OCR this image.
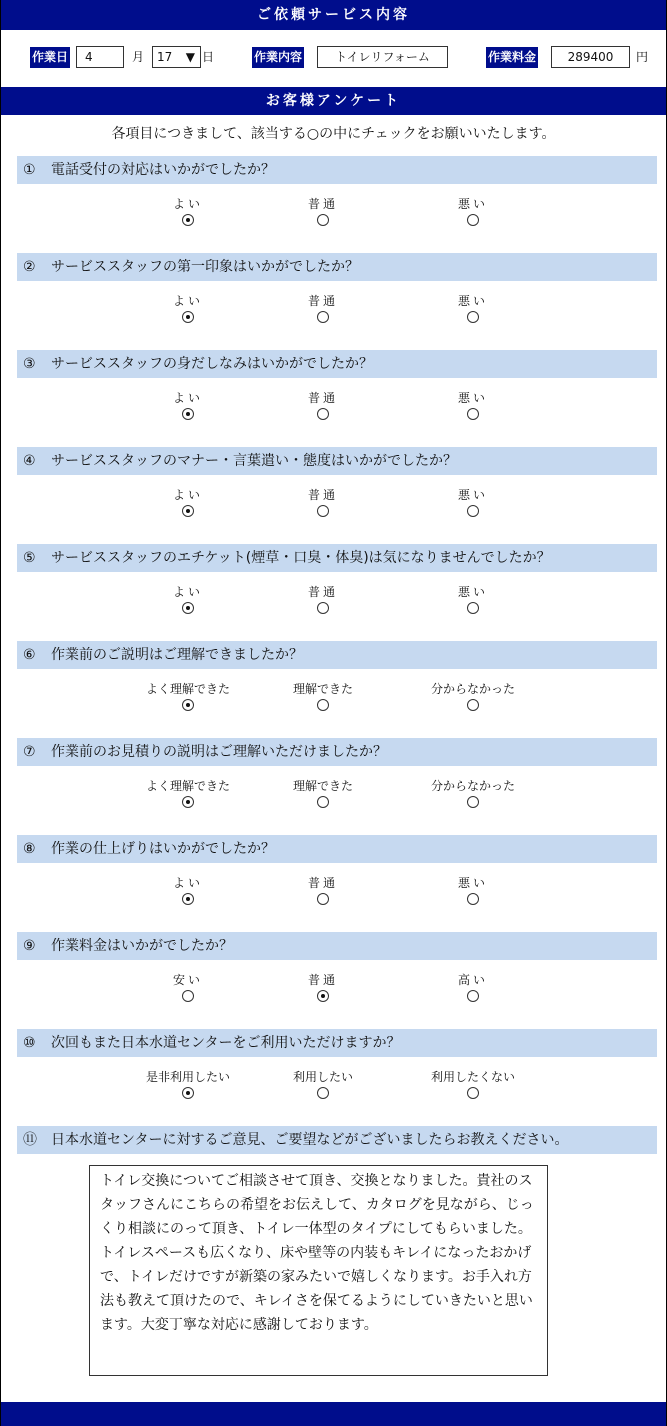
ご依頼サービス内容
作業日	4	月	17 ▼ 日	作業内容	トイレリフォーム	作業料金	289400	円
お客様アンケート
各項目につきまして、該当する○の中にチェックをお願いいたします。
① 電話受付の対応はいかがでしたか？
よい	普通	悪い
② サービススタッフの第一印象はいかがでしたか？
よい	普通	悪い
③ サービススタッフの身だしなみはいかがでしたか？
よい	普通	悪い
④ サービススタッフのマナー・言葉遣い・態度はいかがでしたか？
よい	普通	悪い
⑤ サービススタッフのエチケット(煙草・口臭・体臭)は気になりませんでしたか？
よい	普通	悪い
⑥ 作業前のご説明はご理解できましたか？
よく理解できた	理解できた	分からなかった
⑦ 作業前のお見積りの説明はご理解いただけましたか？
よく理解できた	理解できた	分からなかった
⑧ 作業の仕上げりはいかがでしたか？
よい	普通	悪い
⑨ 作業料金はいかがでしたか？
安い	普通	高い
⑩ 次回もまた日本水道センターをご利用いただけますか？
是非利用したい	利用したい	利用したくない
⑪ 日本水道センターに対するご意見、ご要望などがございましたらお教えください。
トイレ交換についてご相談させて頂き、交換となりました。貴社のスタッフさんにこちらの希望をお伝えして、カタログを見ながら、じっくり相談にのって頂き、トイレ一体型のタイプにしてもらいました。トイレスペースも広くなり、床や壁等の内装もキレイになったおかげで、トイレだけですが新築の家みたいで嬉しくなります。お手入れ方法も教えて頂けたので、キレイさを保てるようにしていきたいと思います。大変丁寧な対応に感謝しております。
